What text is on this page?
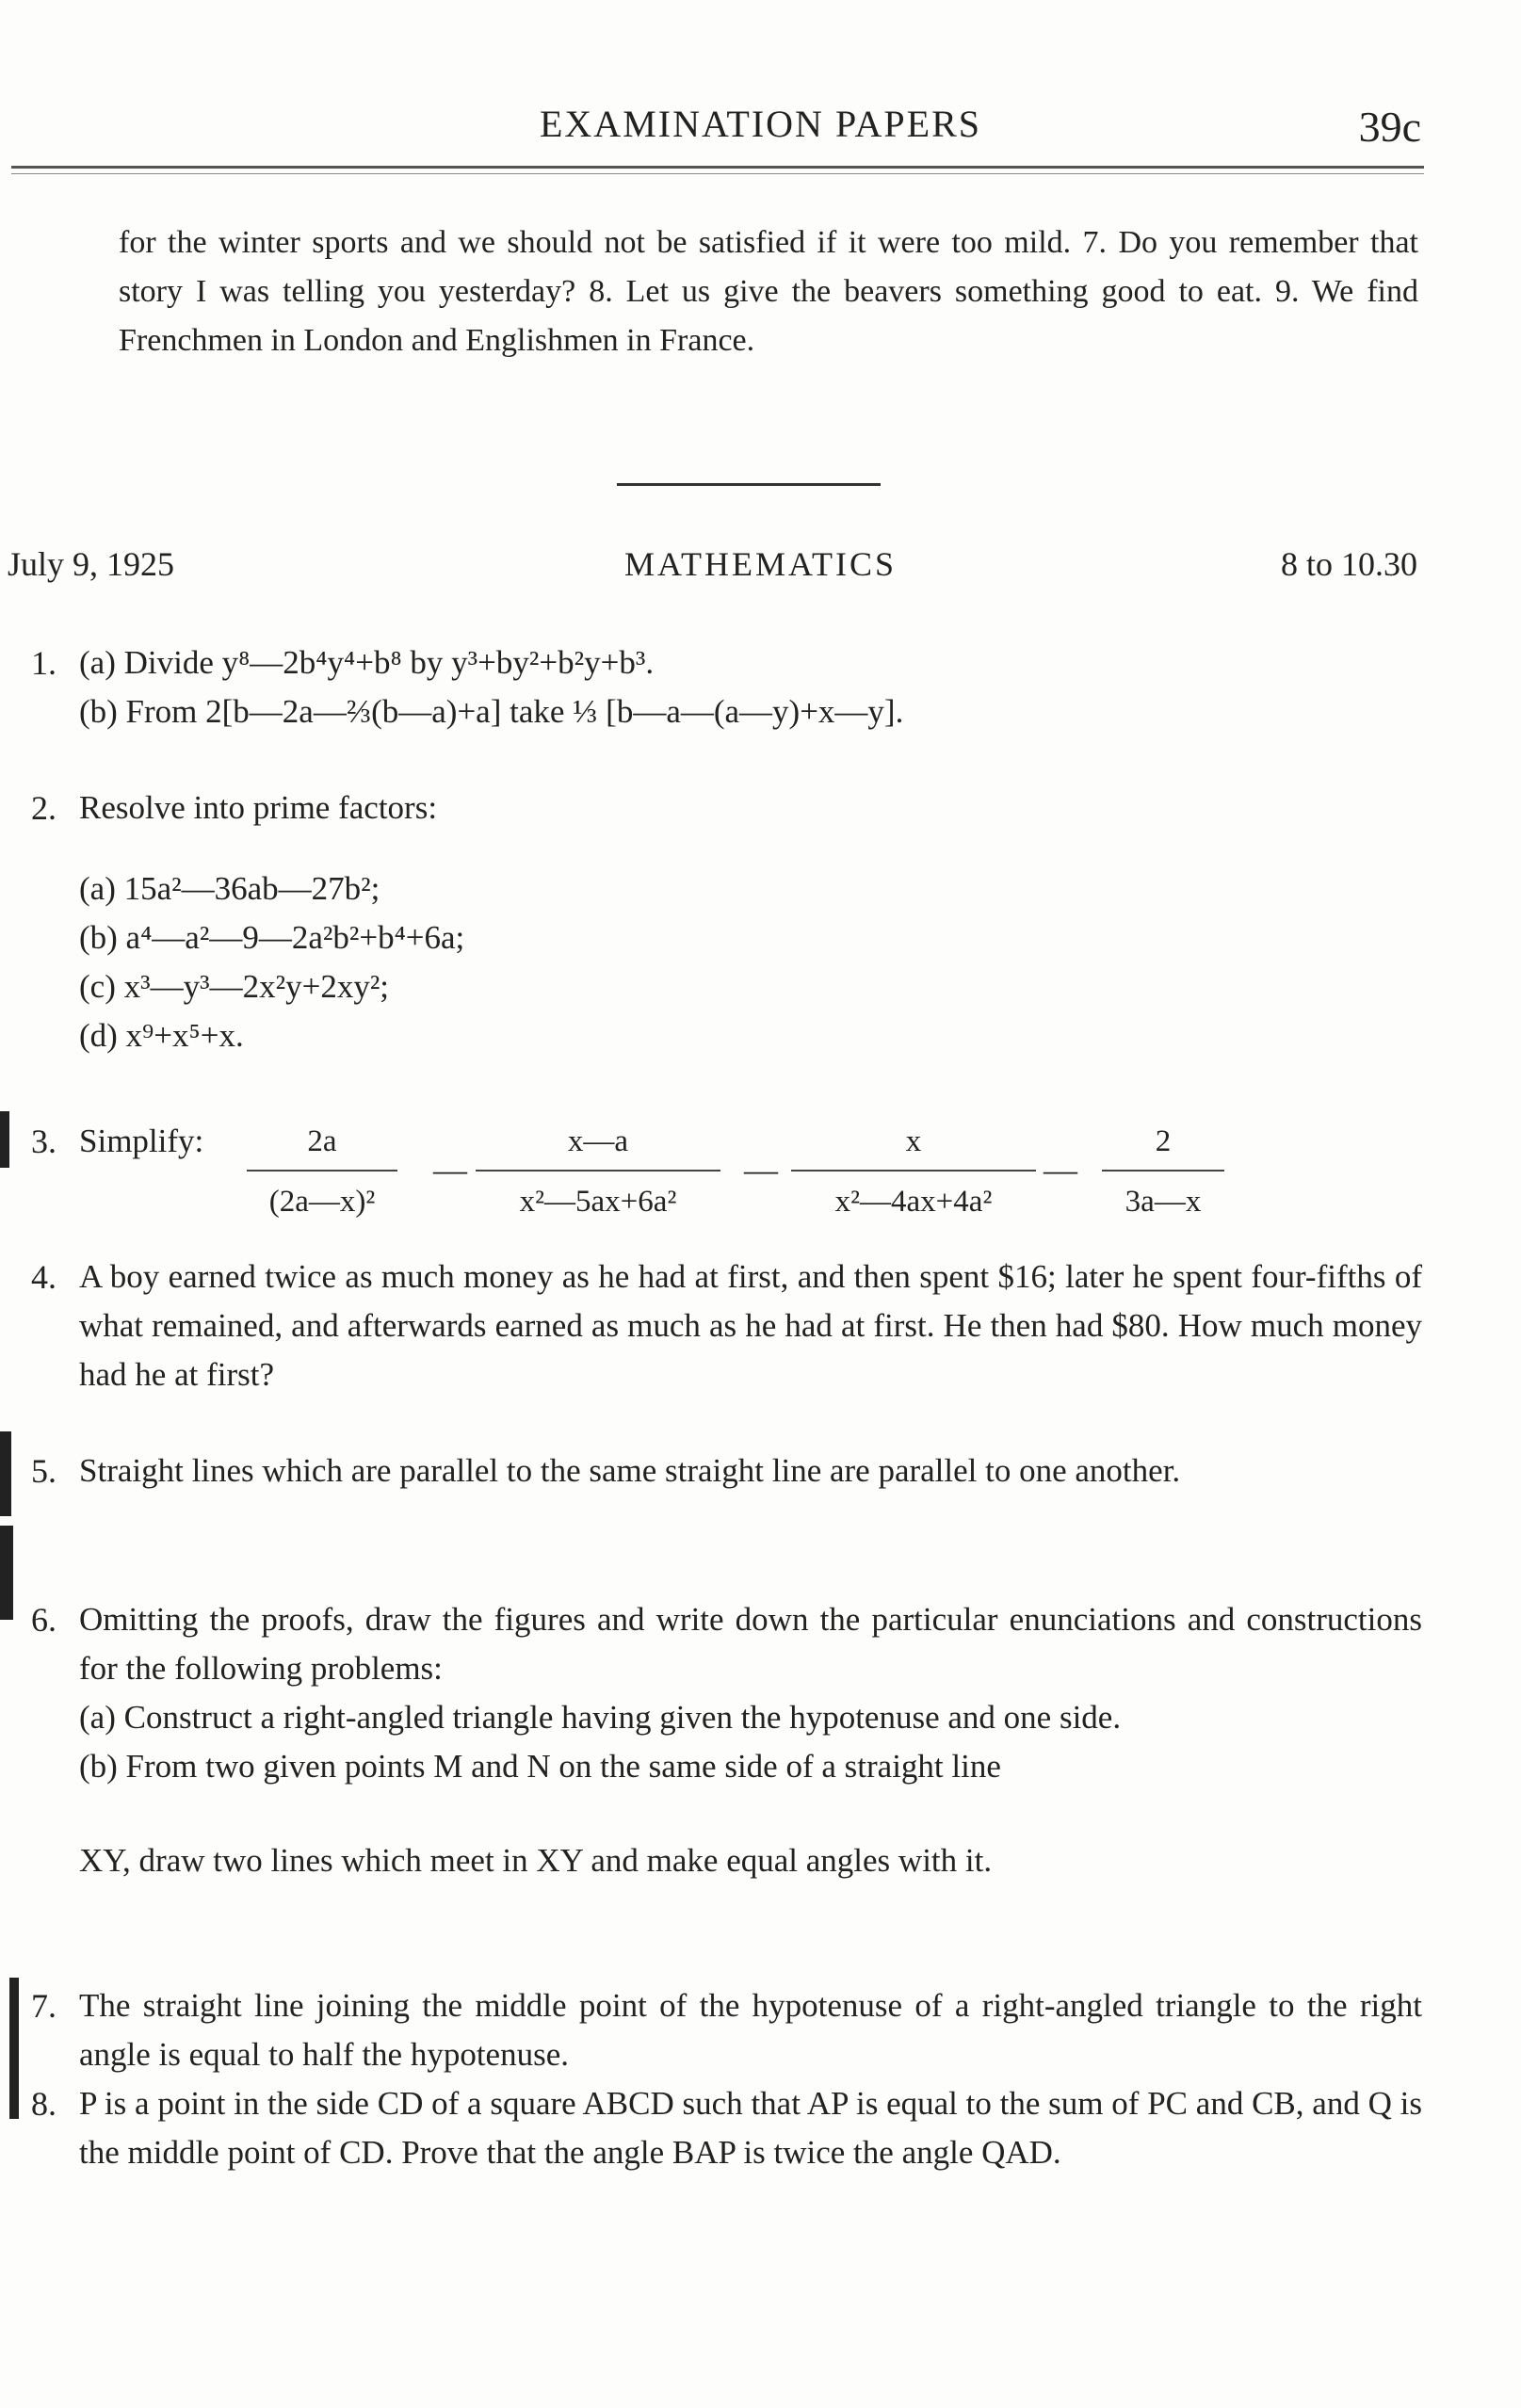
EXAMINATION PAPERS	39c
for the winter sports and we should not be satisfied if it were too mild. 7. Do you remember that story I was telling you yesterday? 8. Let us give the beavers something good to eat. 9. We find Frenchmen in London and Englishmen in France.
July 9, 1925	MATHEMATICS	8 to 10.30
1. (a) Divide y⁸—2b⁴y⁴+b⁸ by y³+by²+b²y+b³.
(b) From 2[b—2a—⅔(b—a)+a] take ⅓ [b—a—(a—y)+x—y].
2. Resolve into prime factors:
(a) 15a²—36ab—27b²;
(b) a⁴—a²—9—2a²b²+b⁴+6a;
(c) x³—y³—2x²y+2xy²;
(d) x⁹+x⁵+x.
3. Simplify: $\frac{2a}{\text{(2a—x)²}}$ — $\frac{x—a}{\text{x²—5ax+6a²}}$ — $\frac{x}{\text{x²—4ax+4a²}}$ — $\frac{2}{3a—x}$
4. A boy earned twice as much money as he had at first, and then spent $16; later he spent four-fifths of what remained, and afterwards earned as much as he had at first. He then had $80. How much money had he at first?
5. Straight lines which are parallel to the same straight line are parallel to one another.
6. Omitting the proofs, draw the figures and write down the particular enunciations and constructions for the following problems:
(a) Construct a right-angled triangle having given the hypotenuse and one side.
(b) From two given points M and N on the same side of a straight line
XY, draw two lines which meet in XY and make equal angles with it.
7. The straight line joining the middle point of the hypotenuse of a right-angled triangle to the right angle is equal to half the hypotenuse.
8. P is a point in the side CD of a square ABCD such that AP is equal to the sum of PC and CB, and Q is the middle point of CD. Prove that the angle BAP is twice the angle QAD.
